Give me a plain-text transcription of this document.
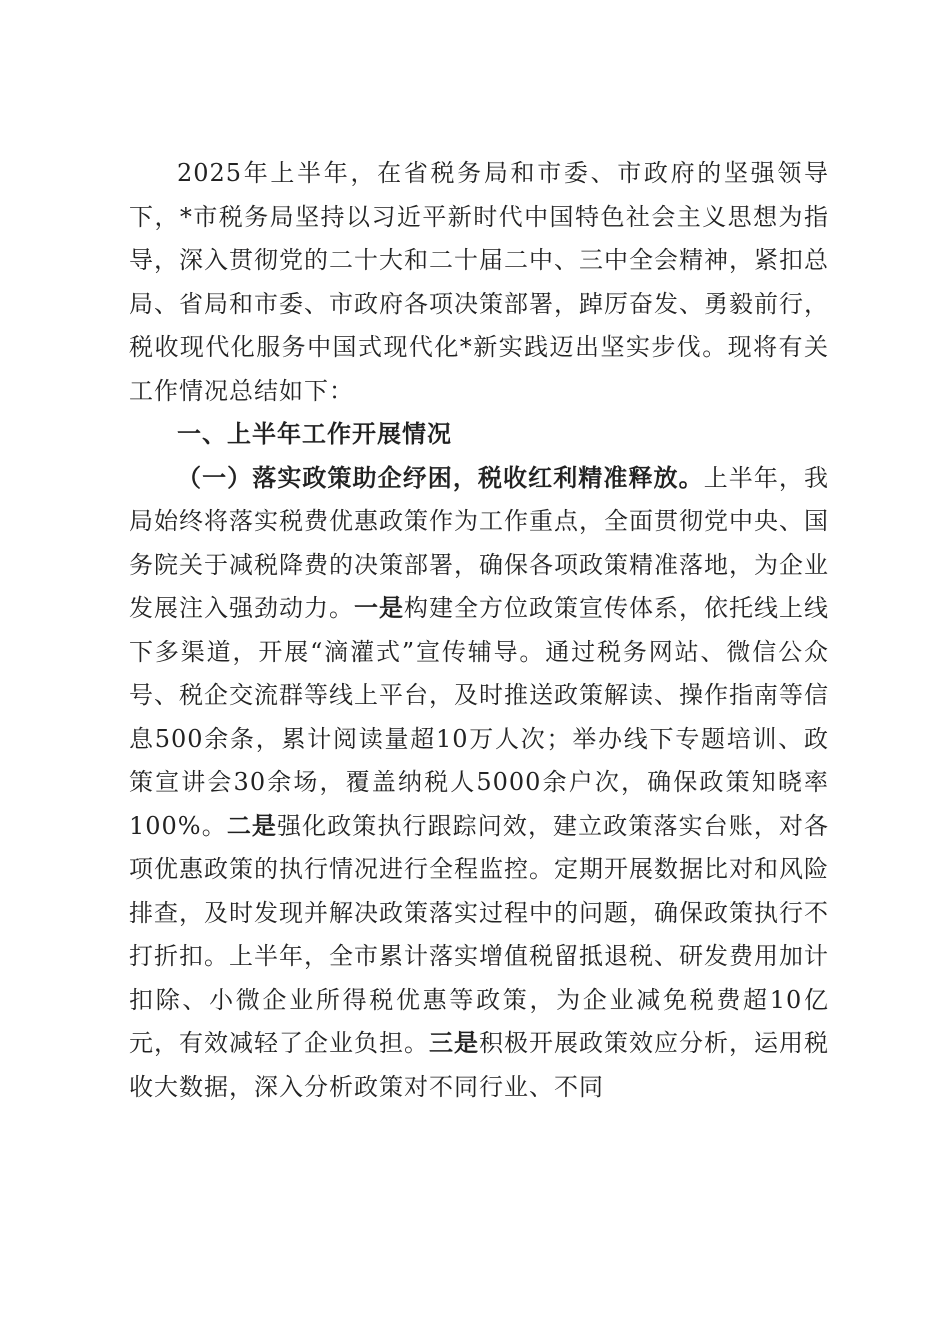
2025年上半年，在省税务局和市委、市政府的坚强领导下，*市税务局坚持以习近平新时代中国特色社会主义思想为指导，深入贯彻党的二十大和二十届二中、三中全会精神，紧扣总局、省局和市委、市政府各项决策部署，踔厉奋发、勇毅前行，税收现代化服务中国式现代化*新实践迈出坚实步伐。现将有关工作情况总结如下：

一、上半年工作开展情况

（一）落实政策助企纾困，税收红利精准释放。上半年，我局始终将落实税费优惠政策作为工作重点，全面贯彻党中央、国务院关于减税降费的决策部署，确保各项政策精准落地，为企业发展注入强劲动力。一是构建全方位政策宣传体系，依托线上线下多渠道，开展“滴灌式”宣传辅导。通过税务网站、微信公众号、税企交流群等线上平台，及时推送政策解读、操作指南等信息500余条，累计阅读量超10万人次；举办线下专题培训、政策宣讲会30余场，覆盖纳税人5000余户次，确保政策知晓率100%。二是强化政策执行跟踪问效，建立政策落实台账，对各项优惠政策的执行情况进行全程监控。定期开展数据比对和风险排查，及时发现并解决政策落实过程中的问题，确保政策执行不打折扣。上半年，全市累计落实增值税留抵退税、研发费用加计扣除、小微企业所得税优惠等政策，为企业减免税费超10亿元，有效减轻了企业负担。三是积极开展政策效应分析，运用税收大数据，深入分析政策对不同行业、不同
